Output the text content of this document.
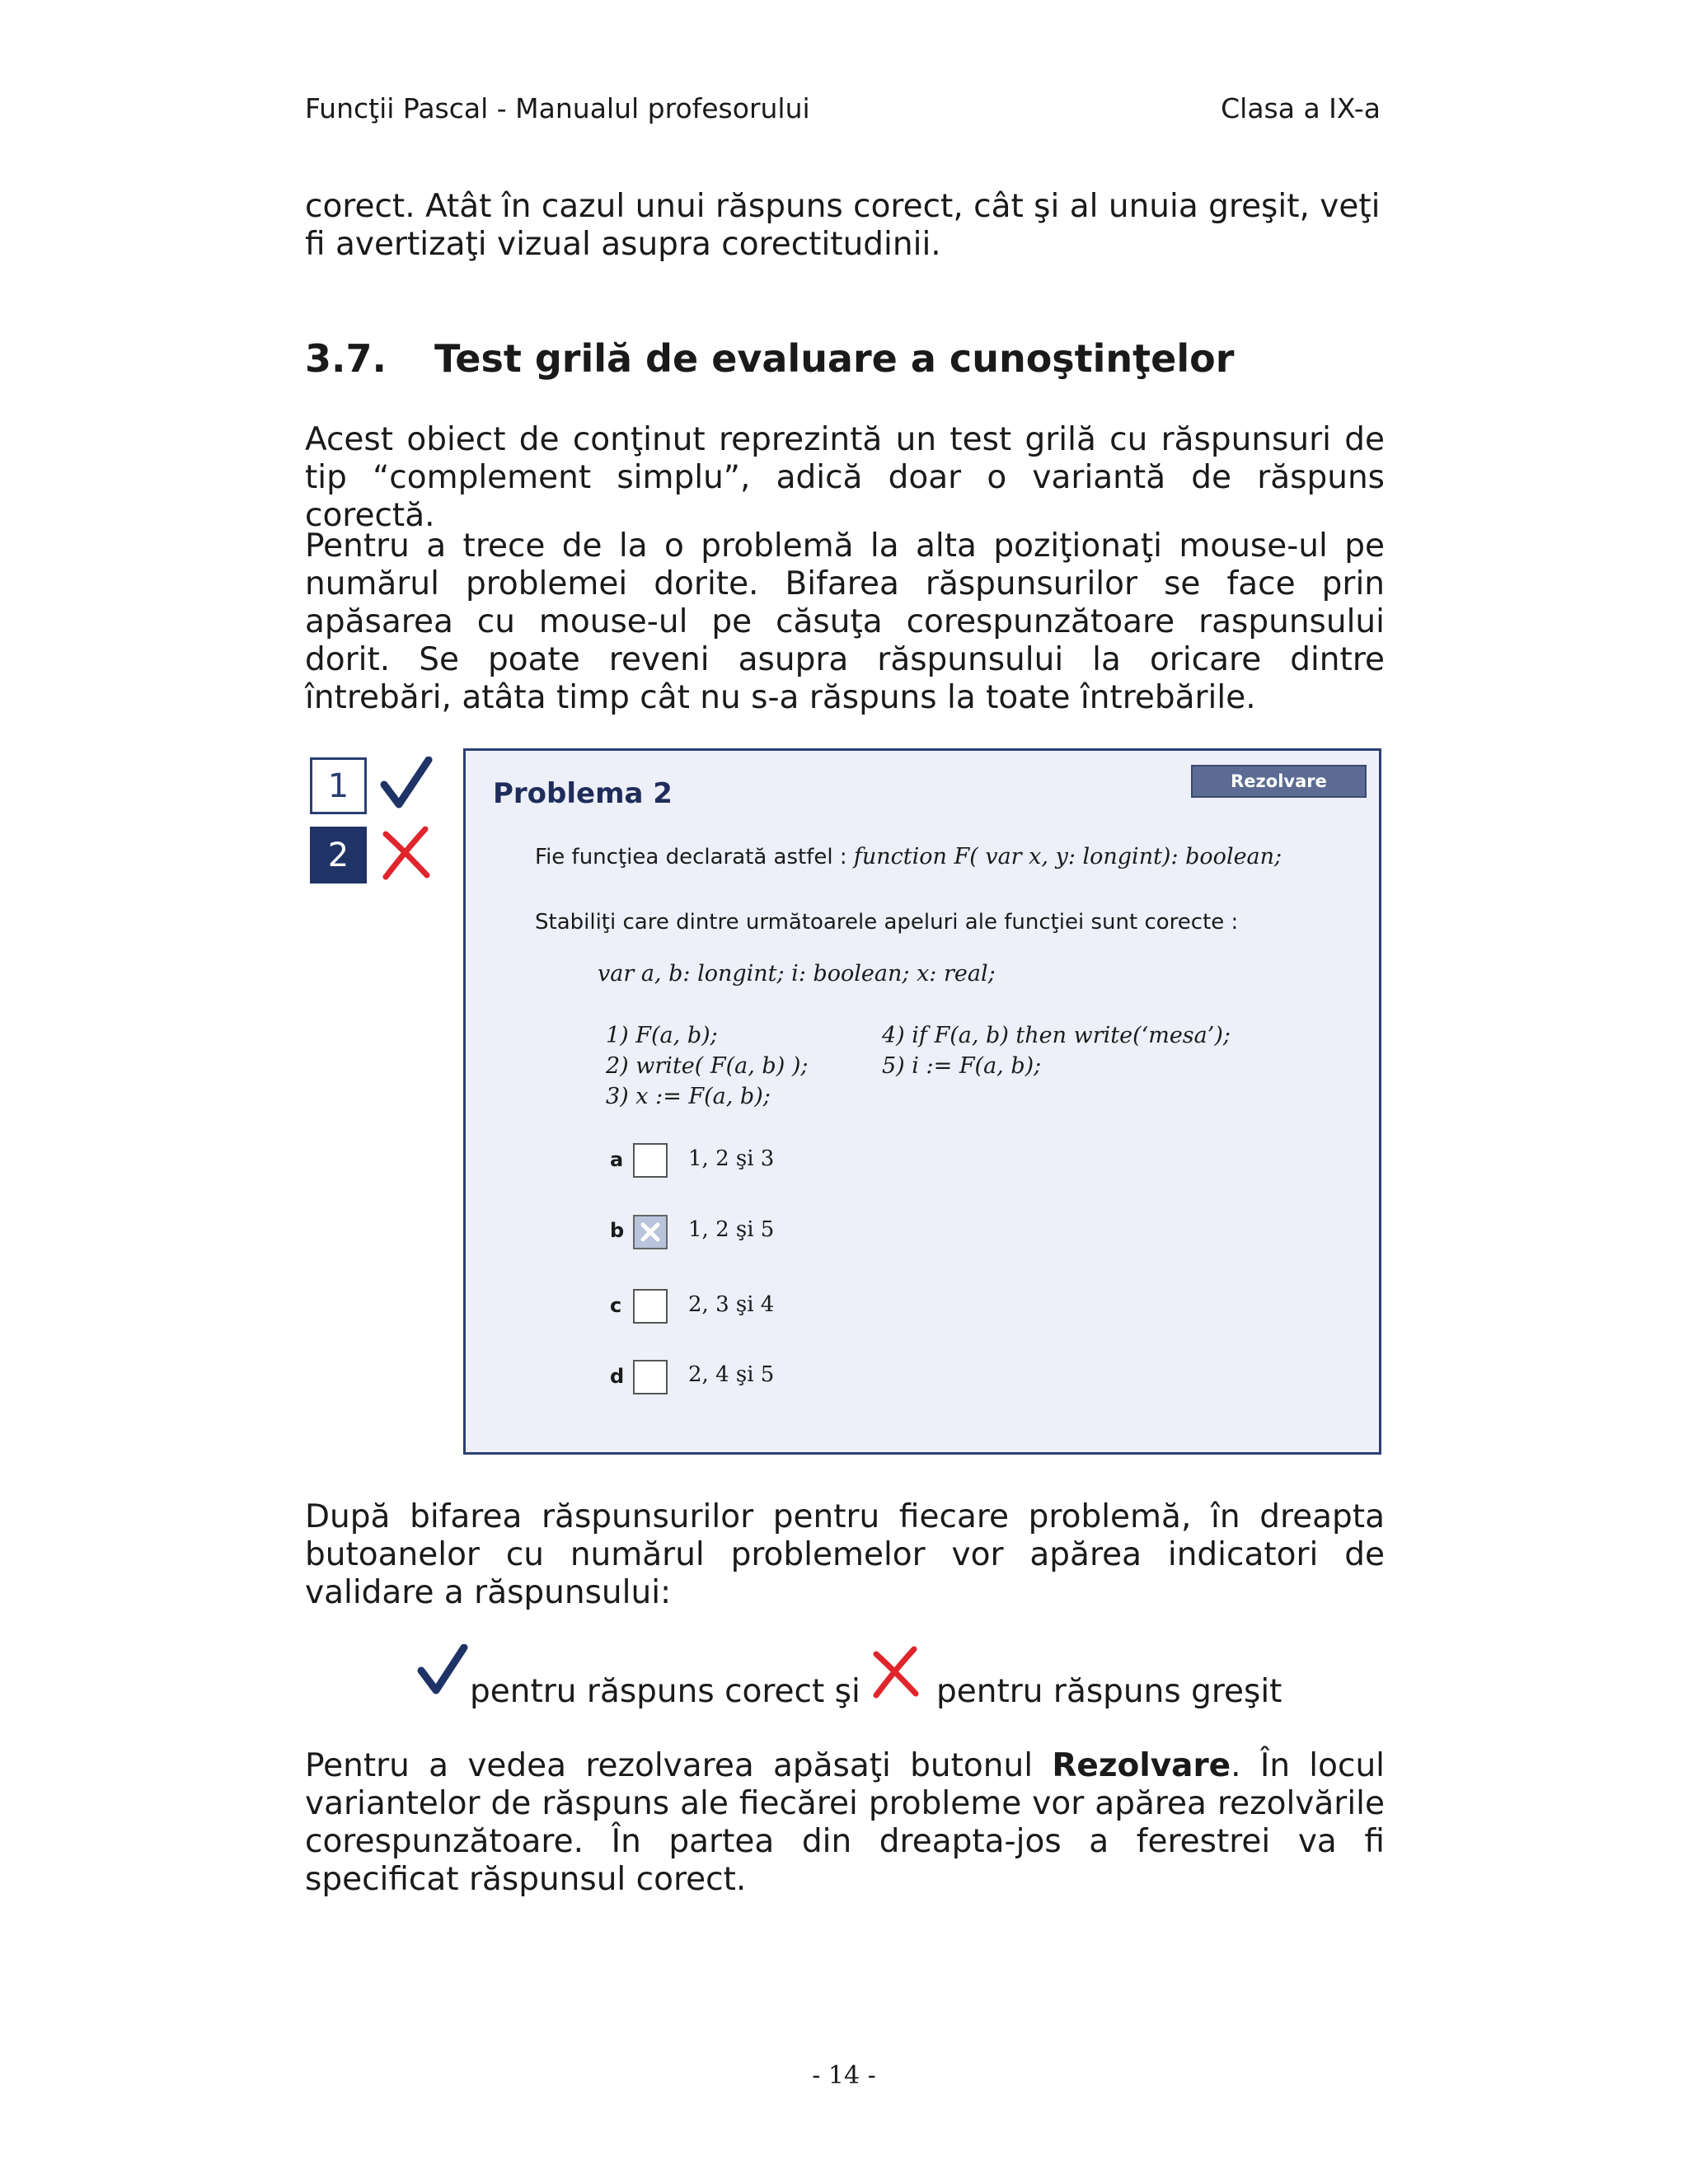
Funcţii Pascal - Manualul profesorului	Clasa a IX-a
corect. Atât în cazul unui răspuns corect, cât şi al unuia greşit, veţi
fi avertizaţi vizual asupra corectitudinii.
3.7. Test grilă de evaluare a cunoştinţelor
Acest obiect de conţinut reprezintă un test grilă cu răspunsuri de tip “complement simplu”, adică doar o variantă de răspuns corectă.
Pentru a trece de la o problemă la alta poziţionaţi mouse-ul pe numărul problemei dorite. Bifarea răspunsurilor se face prin apăsarea cu mouse-ul pe căsuţa corespunzătoare raspunsului dorit. Se poate reveni asupra răspunsului la oricare dintre întrebări, atâta timp cât nu s-a răspuns la toate întrebările.
1
2
Rezolvare
Problema 2
Fie funcţiea declarată astfel : function F( var x, y: longint): boolean;
Stabiliţi care dintre următoarele apeluri ale funcţiei sunt corecte :
var a, b: longint; i: boolean; x: real;
1) F(a, b);
2) write( F(a, b) );
3) x := F(a, b);
4) if F(a, b) then write(‘mesa’);
5) i := F(a, b);
a	1, 2 şi 3
b	1, 2 şi 5
c	2, 3 şi 4
d	2, 4 şi 5
După bifarea răspunsurilor pentru fiecare problemă, în dreapta butoanelor cu numărul problemelor vor apărea indicatori de validare a răspunsului:
pentru răspuns corect şi	pentru răspuns greşit
Pentru a vedea rezolvarea apăsaţi butonul Rezolvare. În locul variantelor de răspuns ale fiecărei probleme vor apărea rezolvările corespunzătoare. În partea din dreapta-jos a ferestrei va fi specificat răspunsul corect.
- 14 -
